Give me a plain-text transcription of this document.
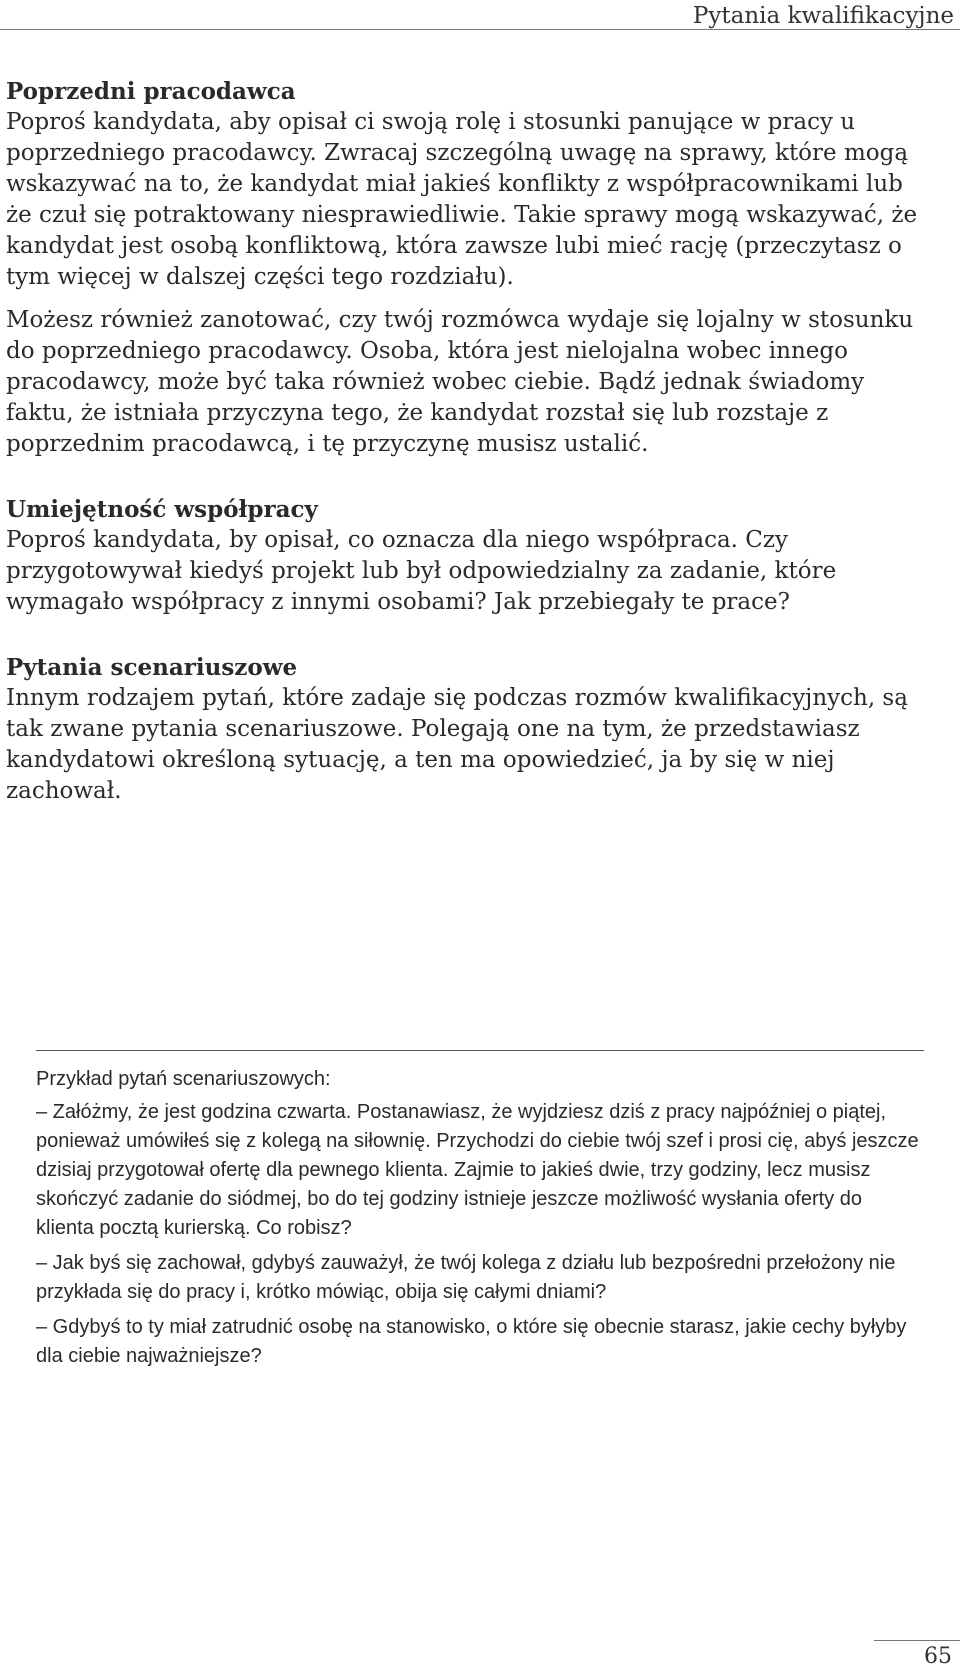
Pytania kwalifikacyjne
Poprzedni pracodawca

Poproś kandydata, aby opisał ci swoją rolę i stosunki panujące w pracy u poprzedniego pracodawcy. Zwracaj szczególną uwagę na sprawy, które mogą wskazywać na to, że kandydat miał jakieś konflikty z współpracownikami lub że czuł się potraktowany niesprawiedliwie. Takie sprawy mogą wskazywać, że kandydat jest osobą konfliktową, która zawsze lubi mieć rację (przeczytasz o tym więcej w dalszej części tego rozdziału).

Możesz również zanotować, czy twój rozmówca wydaje się lojalny w stosunku do poprzedniego pracodawcy. Osoba, która jest nielojalna wobec innego pracodawcy, może być taka również wobec ciebie. Bądź jednak świadomy faktu, że istniała przyczyna tego, że kandydat rozstał się lub rozstaje z poprzednim pracodawcą, i tę przyczynę musisz ustalić.

Umiejętność współpracy

Poproś kandydata, by opisał, co oznacza dla niego współpraca. Czy przygotowywał kiedyś projekt lub był odpowiedzialny za zadanie, które wymagało współpracy z innymi osobami? Jak przebiegały te prace?

Pytania scenariuszowe

Innym rodzajem pytań, które zadaje się podczas rozmów kwalifikacyjnych, są tak zwane pytania scenariuszowe. Polegają one na tym, że przedstawiasz kandydatowi określoną sytuację, a ten ma opowiedzieć, ja by się w niej zachował.

Przykład pytań scenariuszowych:

– Załóżmy, że jest godzina czwarta. Postanawiasz, że wyjdziesz dziś z pracy najpóźniej o piątej, ponieważ umówiłeś się z kolegą na siłownię. Przychodzi do ciebie twój szef i prosi cię, abyś jeszcze dzisiaj przygotował ofertę dla pewnego klienta. Zajmie to jakieś dwie, trzy godziny, lecz musisz skończyć zadanie do siódmej, bo do tej godziny istnieje jeszcze możliwość wysłania oferty do klienta pocztą kurierską. Co robisz?

– Jak byś się zachował, gdybyś zauważył, że twój kolega z działu lub bezpośredni przełożony nie przykłada się do pracy i, krótko mówiąc, obija się całymi dniami?

– Gdybyś to ty miał zatrudnić osobę na stanowisko, o które się obecnie starasz, jakie cechy byłyby dla ciebie najważniejsze?

65
